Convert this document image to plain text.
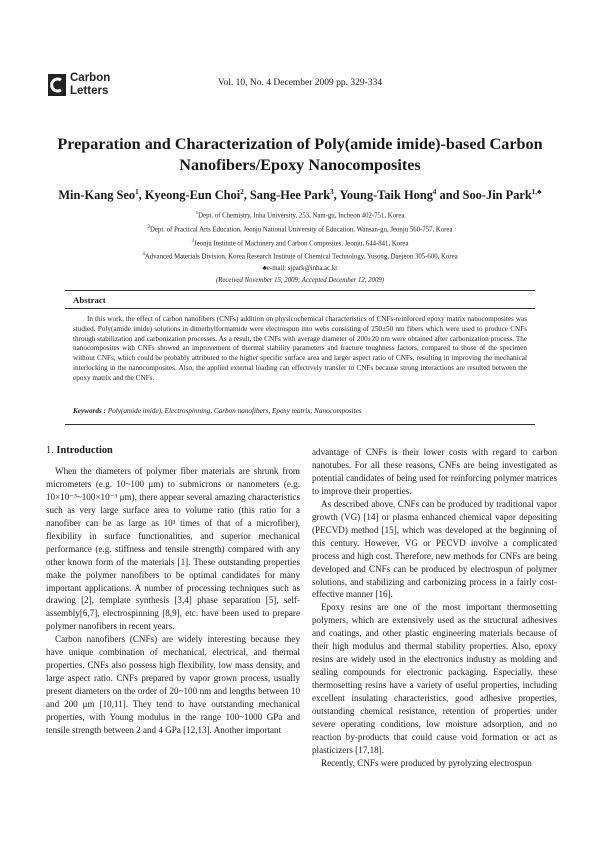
Carbon
Letters
Vol. 10, No. 4 December 2009 pp. 329-334
Preparation and Characterization of Poly(amide imide)-based Carbon
Nanofibers/Epoxy Nanocomposites
Min-Kang Seo$^1$, Kyeong-Eun Choi$^2$, Sang-Hee Park$^3$, Young-Taik Hong$^4$ and Soo-Jin Park$^{1,♣}$
$^1$Dept. of Chemistry, Inha University, 253, Nam-gu, Incheon 402-751, Korea
$^2$Dept. of Practical Arts Education, Jeonju National University of Education, Wansan-gu, Jeonju 560-757, Korea
$^3$Jeonju Institute of Machinery and Carbon Composites, Jeonju, 644-841, Korea
$^4$Advanced Materials Division, Korea Research Institute of Chemical Technology, Yusong, Daejeon 305-600, Korea
♣e-mail: sjpark@inha.ac.kr
(Received November 15, 2009; Accepted December 12, 2009)
Abstract
In this work, the effect of carbon nanofibers (CNFs) addition on physicochemical characteristics of CNFs-reinforced epoxy matrix nanocomposites was studied. Poly(amide imide) solutions in dimethylformamide were electrospun into webs consisting of 250±50 nm fibers which were used to produce CNFs through stabilization and carbonization processes. As a result, the CNFs with average diameter of 200±20 nm were obtained after carbonization process. The nanocomposites with CNFs showed an improvement of thermal stability parameters and fracture toughness factors, compared to those of the specimen without CNFs, which could be probably attributed to the higher specific surface area and larger aspect ratio of CNFs, resulting in improving the mechanical interlocking in the nanocomposites. Also, the applied external loading can effectively transfer to CNFs because strong interactions are resulted between the epoxy matrix and the CNFs.
Keywords : Poly(amide imide), Electrospinning, Carbon nanofibers, Epoxy matrix, Nanocomposites
1. Introduction

When the diameters of polymer fiber materials are shrunk from micrometers (e.g. 10~100 μm) to submicrons or nanometers (e.g. 10×10⁻³~100×10⁻³ μm), there appear several amazing characteristics such as very large surface area to volume ratio (this ratio for a nanofiber can be as large as 10³ times of that of a microfiber), flexibility in surface functionalities, and superior mechanical performance (e.g. stiffness and tensile strength) compared with any other known form of the materials [1]. These outstanding properties make the polymer nanofibers to be optimal candidates for many important applications. A number of processing techniques such as drawing [2], template synthesis [3,4] phase separation [5], self-assembly[6,7], electrospinning [8,9], etc. have been used to prepare polymer nanofibers in recent years.

Carbon nanofibers (CNFs) are widely interesting because they have unique combination of mechanical, electrical, and thermal properties. CNFs also possess high flexibility, low mass density, and large aspect ratio. CNFs prepared by vapor grown process, usually present diameters on the order of 20~100 nm and lengths between 10 and 200 μm [10,11]. They tend to have outstanding mechanical properties, with Young modulus in the range 100~1000 GPa and tensile strength between 2 and 4 GPa [12,13]. Another important

advantage of CNFs is their lower costs with regard to carbon nanotubes. For all these reasons, CNFs are being investigated as potential candidates of being used for reinforcing polymer matrices to improve their properties.

As described above, CNFs can be produced by traditional vapor growth (VG) [14] or plasma enhanced chemical vapor depositing (PECVD) method [15], which was developed at the beginning of this century. However, VG or PECVD involve a complicated process and high cost. Therefore, new methods for CNFs are being developed and CNFs can be produced by electrospun of polymer solutions, and stabilizing and carbonizing process in a fairly cost-effective manner [16].

Epoxy resins are one of the most important thermosetting polymers, which are extensively used as the structural adhesives and coatings, and other plastic engineering materials because of their high modulus and thermal stability properties. Also, epoxy resins are widely used in the electronics industry as molding and sealing compounds for electronic packaging. Especially, these thermosetting resins have a variety of useful properties, including excellent insulating characteristics, good adhesive properties, outstanding chemical resistance, retention of properties under severe operating conditions, low moisture adsorption, and no reaction by-products that could cause void formation or act as plasticizers [17,18].

Recently, CNFs were produced by pyrolyzing electrospun
